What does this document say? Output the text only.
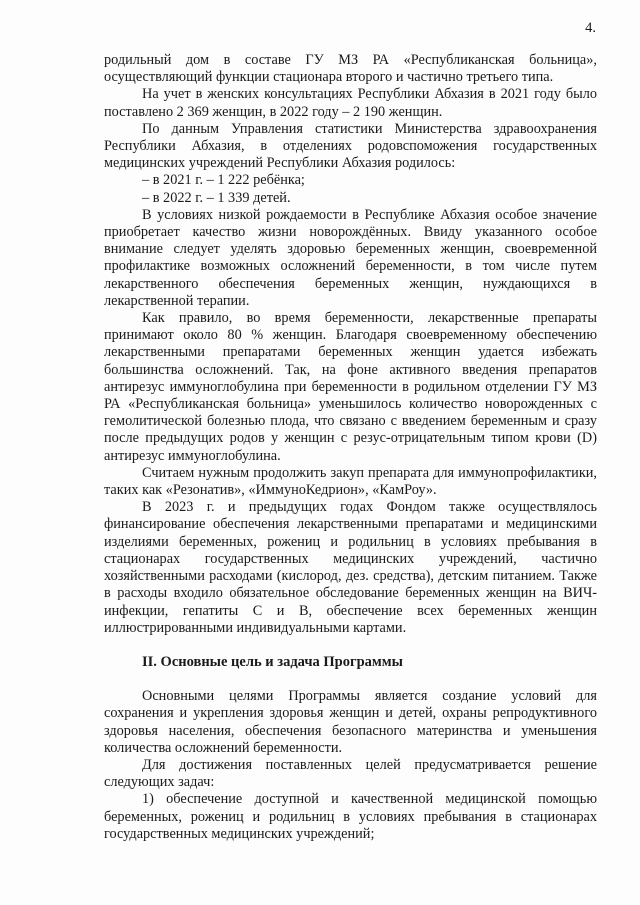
4.

родильный дом в составе ГУ МЗ РА «Республиканская больница», осуществляющий функции стационара второго и частично третьего типа.

На учет в женских консультациях Республики Абхазия в 2021 году было поставлено 2 369 женщин, в 2022 году – 2 190 женщин.

По данным Управления статистики Министерства здравоохранения Республики Абхазия, в отделениях родовспоможения государственных медицинских учреждений Республики Абхазия родилось:

– в 2021 г. – 1 222 ребёнка;

– в 2022 г. – 1 339 детей.

В условиях низкой рождаемости в Республике Абхазия особое значение приобретает качество жизни новорождённых. Ввиду указанного особое внимание следует уделять здоровью беременных женщин, своевременной профилактике возможных осложнений беременности, в том числе путем лекарственного обеспечения беременных женщин, нуждающихся в лекарственной терапии.

Как правило, во время беременности, лекарственные препараты принимают около 80 % женщин. Благодаря своевременному обеспечению лекарственными препаратами беременных женщин удается избежать большинства осложнений. Так, на фоне активного введения препаратов антирезус иммуноглобулина при беременности в родильном отделении ГУ МЗ РА «Республиканская больница» уменьшилось количество новорожденных с гемолитической болезнью плода, что связано с введением беременным и сразу после предыдущих родов у женщин с резус-отрицательным типом крови (D) антирезус иммуноглобулина.

Считаем нужным продолжить закуп препарата для иммунопрофилактики, таких как «Резонатив», «ИммуноКедрион», «КамРоу».

В 2023 г. и предыдущих годах Фондом также осуществлялось финансирование обеспечения лекарственными препаратами и медицинскими изделиями беременных, рожениц и родильниц в условиях пребывания в стационарах государственных медицинских учреждений, частично хозяйственными расходами (кислород, дез. средства), детским питанием. Также в расходы входило обязательное обследование беременных женщин на ВИЧ-инфекции, гепатиты С и В, обеспечение всех беременных женщин иллюстрированными индивидуальными картами.

II. Основные цель и задача Программы

Основными целями Программы является создание условий для сохранения и укрепления здоровья женщин и детей, охраны репродуктивного здоровья населения, обеспечения безопасного материнства и уменьшения количества осложнений беременности.

Для достижения поставленных целей предусматривается решение следующих задач:

1) обеспечение доступной и качественной медицинской помощью беременных, рожениц и родильниц в условиях пребывания в стационарах государственных медицинских учреждений;
